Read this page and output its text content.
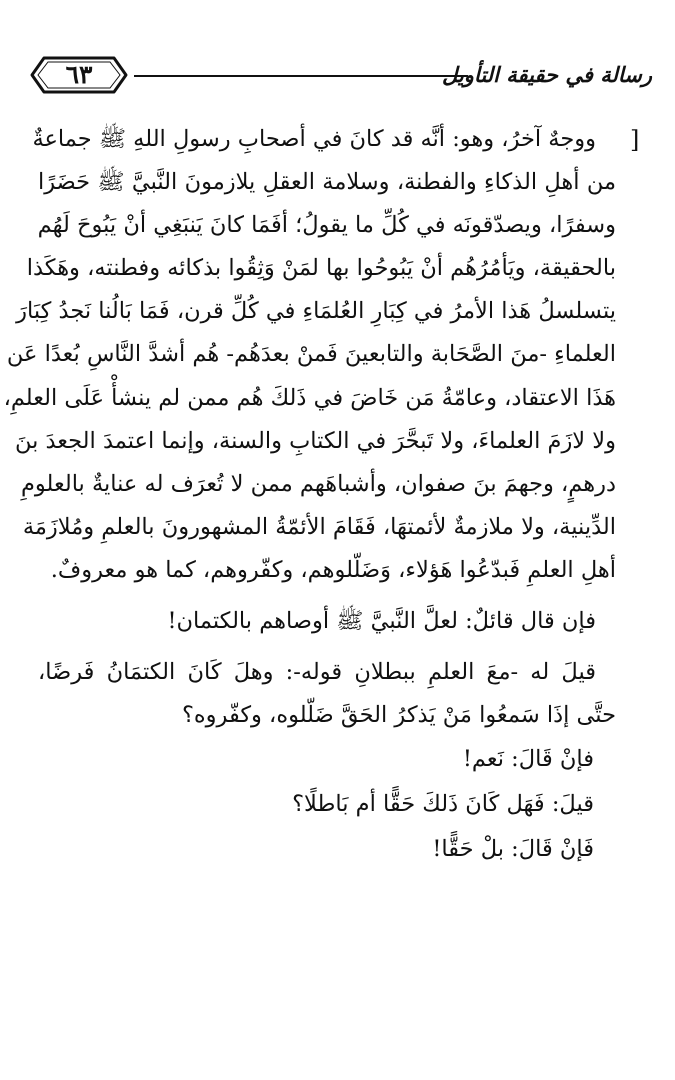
٦٣	رسالة في حقيقة التأويل
]
ووجهٌ آخرُ، وهو: أنَّه قد كانَ في أصحابِ رسولِ اللهِ ﷺ جماعةٌ
من أهلِ الذكاءِ والفطنة، وسلامة العقلِ يلازمونَ النَّبيَّ ﷺ حَضَرًا
وسفرًا، ويصدّقونَه في كُلِّ ما يقولُ؛ أفَمَا كانَ يَنبَغِي أنْ يَبُوحَ لَهُم
بالحقيقة، ويَأمُرُهُم أنْ يَبُوحُوا بها لمَنْ وَثِقُوا بذكائه وفطنته، وهَكَذا
يتسلسلُ هَذا الأمرُ في كِبَارِ العُلمَاءِ في كُلِّ قرن، فَمَا بَالُنا نَجدُ كِبَارَ
العلماءِ -منَ الصَّحَابة والتابعينَ فَمنْ بعدَهُم- هُم أشدَّ النَّاسِ بُعدًا عَن
هَذَا الاعتقاد، وعامّةُ مَن خَاضَ في ذَلكَ هُم ممن لم ينشأْ عَلَى العلمِ،
ولا لازَمَ العلماءَ، ولا تَبحَّرَ في الكتابِ والسنة، وإنما اعتمدَ الجعدَ بنَ
درهمٍ، وجهمَ بنَ صفوان، وأشباهَهم ممن لا تُعرَف له عنايةٌ بالعلومِ
الدِّينية، ولا ملازمةٌ لأئمتهَا، فَقَامَ الأئمّةُ المشهورونَ بالعلمِ ومُلازَمَة
أهلِ العلمِ فَبدّعُوا هَؤلاء، وَضَلّلوهم، وكفّروهم، كما هو معروفٌ.
فإن قال قائلٌ: لعلَّ النَّبيَّ ﷺ أوصاهم بالكتمان!
قيلَ له -معَ العلمِ ببطلانِ قوله-: وهلَ كَانَ الكتمَانُ فَرضًا،
حتَّى إذَا سَمعُوا مَنْ يَذكرُ الحَقَّ ضَلّلوه، وكفّروه؟
فإنْ قَالَ: نَعم!
قيلَ: فَهَل كَانَ ذَلكَ حَقًّا أم بَاطلًا؟
فَإنْ قَالَ: بلْ حَقًّا!
